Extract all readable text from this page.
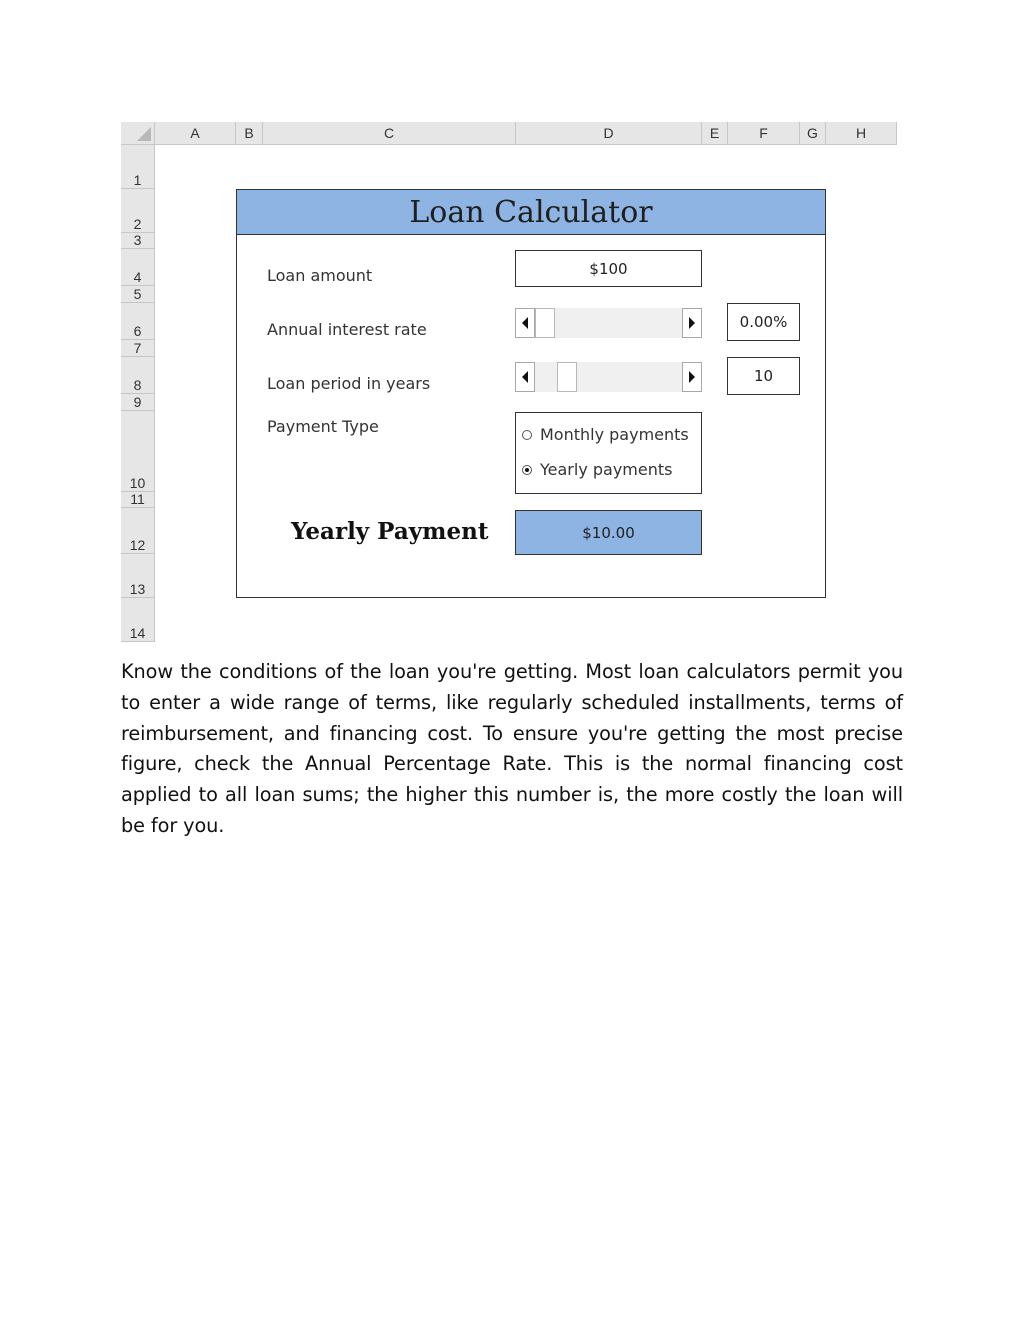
A	B	C	D	E	F	G	H
1
2
3
4
5
6
7
8
9
10
11
12
13
14
Loan Calculator
Loan amount	$100
Annual interest rate	0.00%
Loan period in years	10
Payment Type	Monthly payments
Yearly payments
Yearly Payment	$10.00

Know the conditions of the loan you're getting. Most loan calculators permit you to enter a wide range of terms, like regularly scheduled installments, terms of reimbursement, and financing cost. To ensure you're getting the most precise figure, check the Annual Percentage Rate. This is the normal financing cost applied to all loan sums; the higher this number is, the more costly the loan will be for you.
